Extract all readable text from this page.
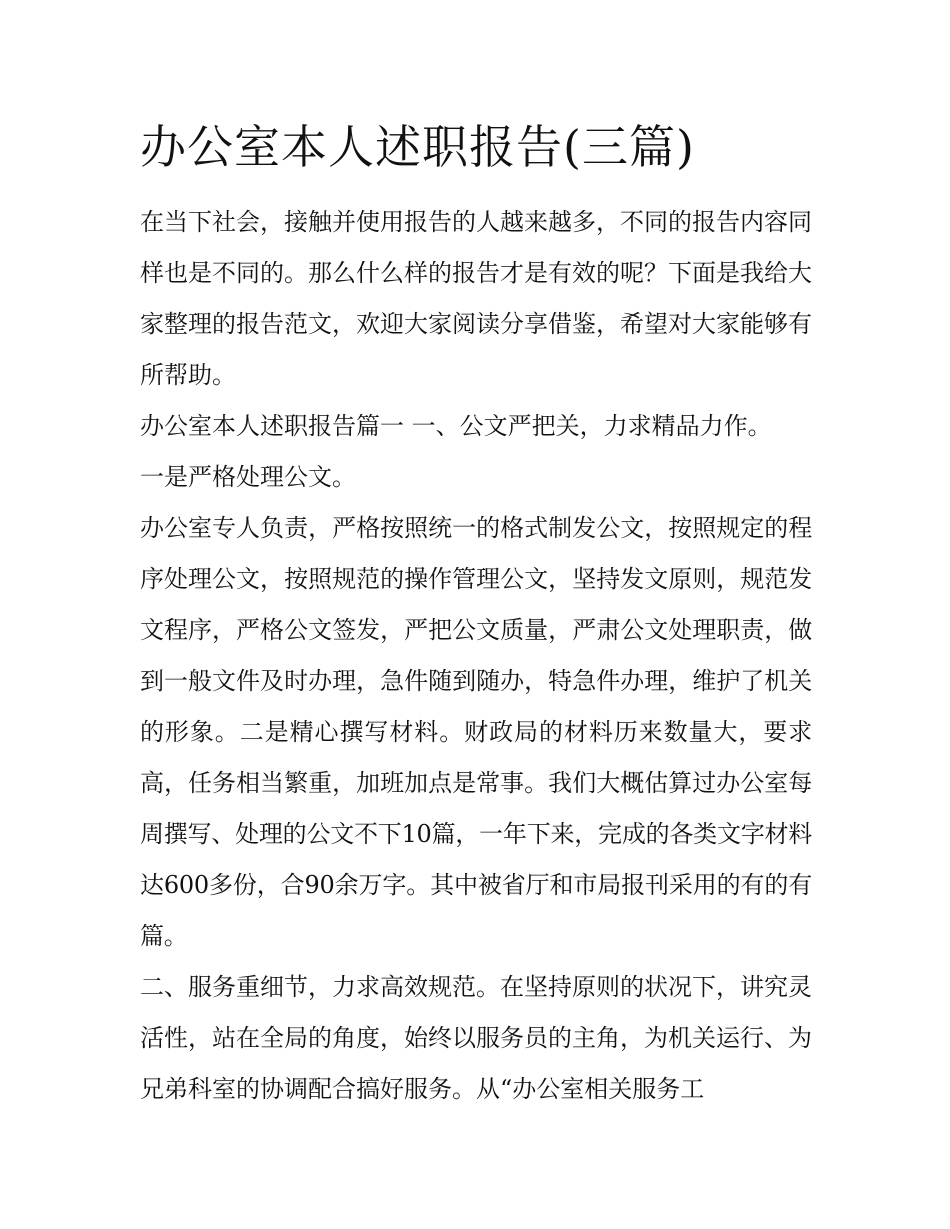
办公室本人述职报告(三篇)

在当下社会，接触并使用报告的人越来越多，不同的报告内容同样也是不同的。那么什么样的报告才是有效的呢？下面是我给大家整理的报告范文，欢迎大家阅读分享借鉴，希望对大家能够有所帮助。

办公室本人述职报告篇一 一、公文严把关，力求精品力作。

一是严格处理公文。

办公室专人负责，严格按照统一的格式制发公文，按照规定的程序处理公文，按照规范的操作管理公文，坚持发文原则，规范发文程序，严格公文签发，严把公文质量，严肃公文处理职责，做到一般文件及时办理，急件随到随办，特急件办理，维护了机关的形象。二是精心撰写材料。财政局的材料历来数量大，要求高，任务相当繁重，加班加点是常事。我们大概估算过办公室每周撰写、处理的公文不下10篇，一年下来，完成的各类文字材料达600多份，合90余万字。其中被省厅和市局报刊采用的有的有篇。

二、服务重细节，力求高效规范。在坚持原则的状况下，讲究灵活性，站在全局的角度，始终以服务员的主角，为机关运行、为兄弟科室的协调配合搞好服务。从“办公室相关服务工
